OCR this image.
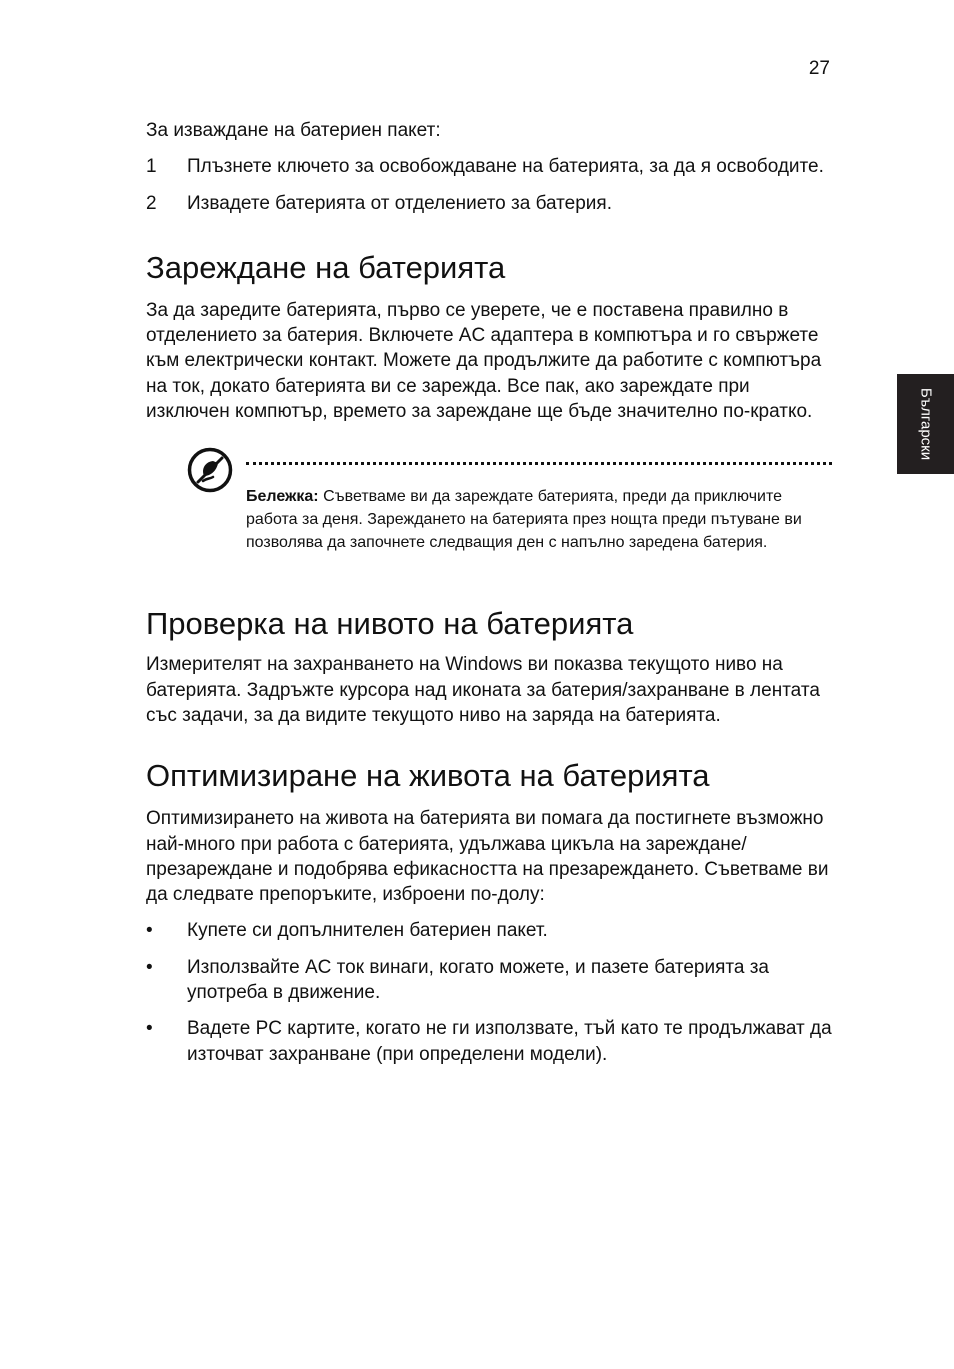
27
Български

За изваждане на батериен пакет:

1 Плъзнете ключето за освобождаване на батерията, за да я освободите.
2 Извадете батерията от отделението за батерия.
Зареждане на батерията

За да заредите батерията, първо се уверете, че е поставена правилно в отделението за батерия. Включете AC адаптера в компютъра и го свържете към електрически контакт. Можете да продължите да работите с компютъра на ток, докато батерията ви се зарежда. Все пак, ако зареждате при изключен компютър, времето за зареждане ще бъде значително по-кратко.

Бележка: Съветваме ви да зареждате батерията, преди да приключите работа за деня. Зареждането на батерията през нощта преди пътуване ви позволява да започнете следващия ден с напълно заредена батерия.
Проверка на нивото на батерията

Измерителят на захранването на Windows ви показва текущото ниво на батерията. Задръжте курсора над иконата за батерия/захранване в лентата със задачи, за да видите текущото ниво на заряда на батерията.

Оптимизиране на живота на батерията

Оптимизирането на живота на батерията ви помага да постигнете възможно най-много при работа с батерията, удължава цикъла на зареждане/презареждане и подобрява ефикасността на презареждането. Съветваме ви да следвате препоръките, изброени по-долу:

• Купете си допълнителен батериен пакет.
• Използвайте AC ток винаги, когато можете, и пазете батерията за употреба в движение.
• Вадете PC картите, когато не ги използвате, тъй като те продължават да източват захранване (при определени модели).
